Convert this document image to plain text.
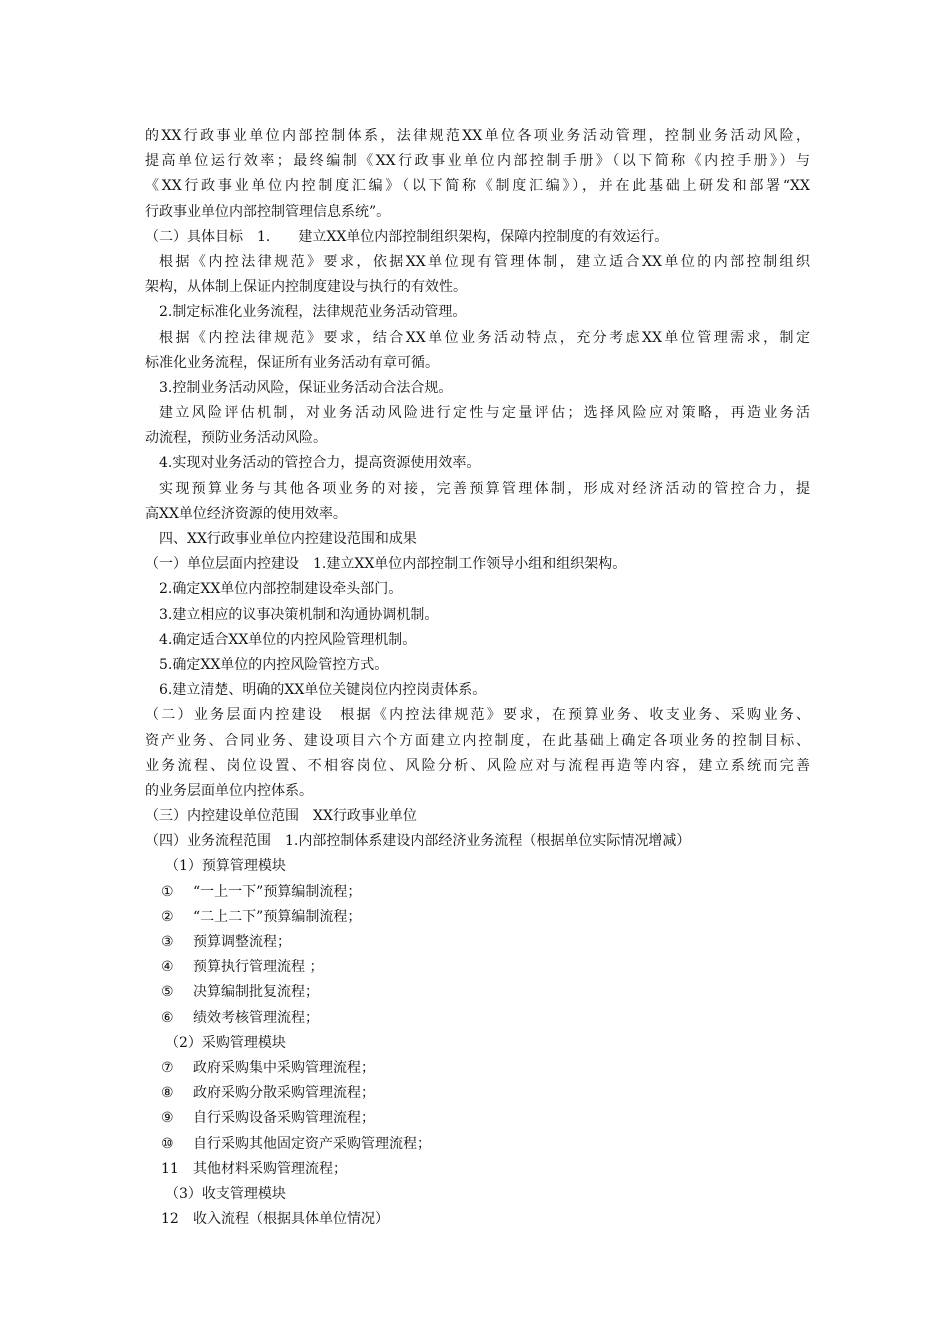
的XX行政事业单位内部控制体系，法律规范XX单位各项业务活动管理，控制业务活动风险，
提高单位运行效率；最终编制《XX行政事业单位内部控制手册》（以下简称《内控手册》）与
《XX行政事业单位内控制度汇编》（以下简称《制度汇编》），并在此基础上研发和部署“XX
行政事业单位内部控制管理信息系统”。
（二）具体目标　1.　　建立XX单位内部控制组织架构，保障内控制度的有效运行。
根据《内控法律规范》要求，依据XX单位现有管理体制，建立适合XX单位的内部控制组织
架构，从体制上保证内控制度建设与执行的有效性。
2.制定标准化业务流程，法律规范业务活动管理。
根据《内控法律规范》要求，结合XX单位业务活动特点，充分考虑XX单位管理需求，制定
标准化业务流程，保证所有业务活动有章可循。
3.控制业务活动风险，保证业务活动合法合规。
建立风险评估机制，对业务活动风险进行定性与定量评估；选择风险应对策略，再造业务活
动流程，预防业务活动风险。
4.实现对业务活动的管控合力，提高资源使用效率。
实现预算业务与其他各项业务的对接，完善预算管理体制，形成对经济活动的管控合力，提
高XX单位经济资源的使用效率。
四、XX行政事业单位内控建设范围和成果
（一）单位层面内控建设　1.建立XX单位内部控制工作领导小组和组织架构。
2.确定XX单位内部控制建设牵头部门。
3.建立相应的议事决策机制和沟通协调机制。
4.确定适合XX单位的内控风险管理机制。
5.确定XX单位的内控风险管控方式。
6.建立清楚、明确的XX单位关键岗位内控岗责体系。
（二）业务层面内控建设　根据《内控法律规范》要求，在预算业务、收支业务、采购业务、
资产业务、合同业务、建设项目六个方面建立内控制度，在此基础上确定各项业务的控制目标、
业务流程、岗位设置、不相容岗位、风险分析、风险应对与流程再造等内容，建立系统而完善
的业务层面单位内控体系。
（三）内控建设单位范围　XX行政事业单位
（四）业务流程范围　1.内部控制体系建设内部经济业务流程（根据单位实际情况增减）
（1）预算管理模块
① “一上一下”预算编制流程；
② “二上二下”预算编制流程；
③ 预算调整流程；
④ 预算执行管理流程 ；
⑤ 决算编制批复流程；
⑥ 绩效考核管理流程；
（2）采购管理模块
⑦ 政府采购集中采购管理流程；
⑧ 政府采购分散采购管理流程；
⑨ 自行采购设备采购管理流程；
⑩ 自行采购其他固定资产采购管理流程；
11 其他材料采购管理流程；
（3）收支管理模块
12 收入流程（根据具体单位情况）
